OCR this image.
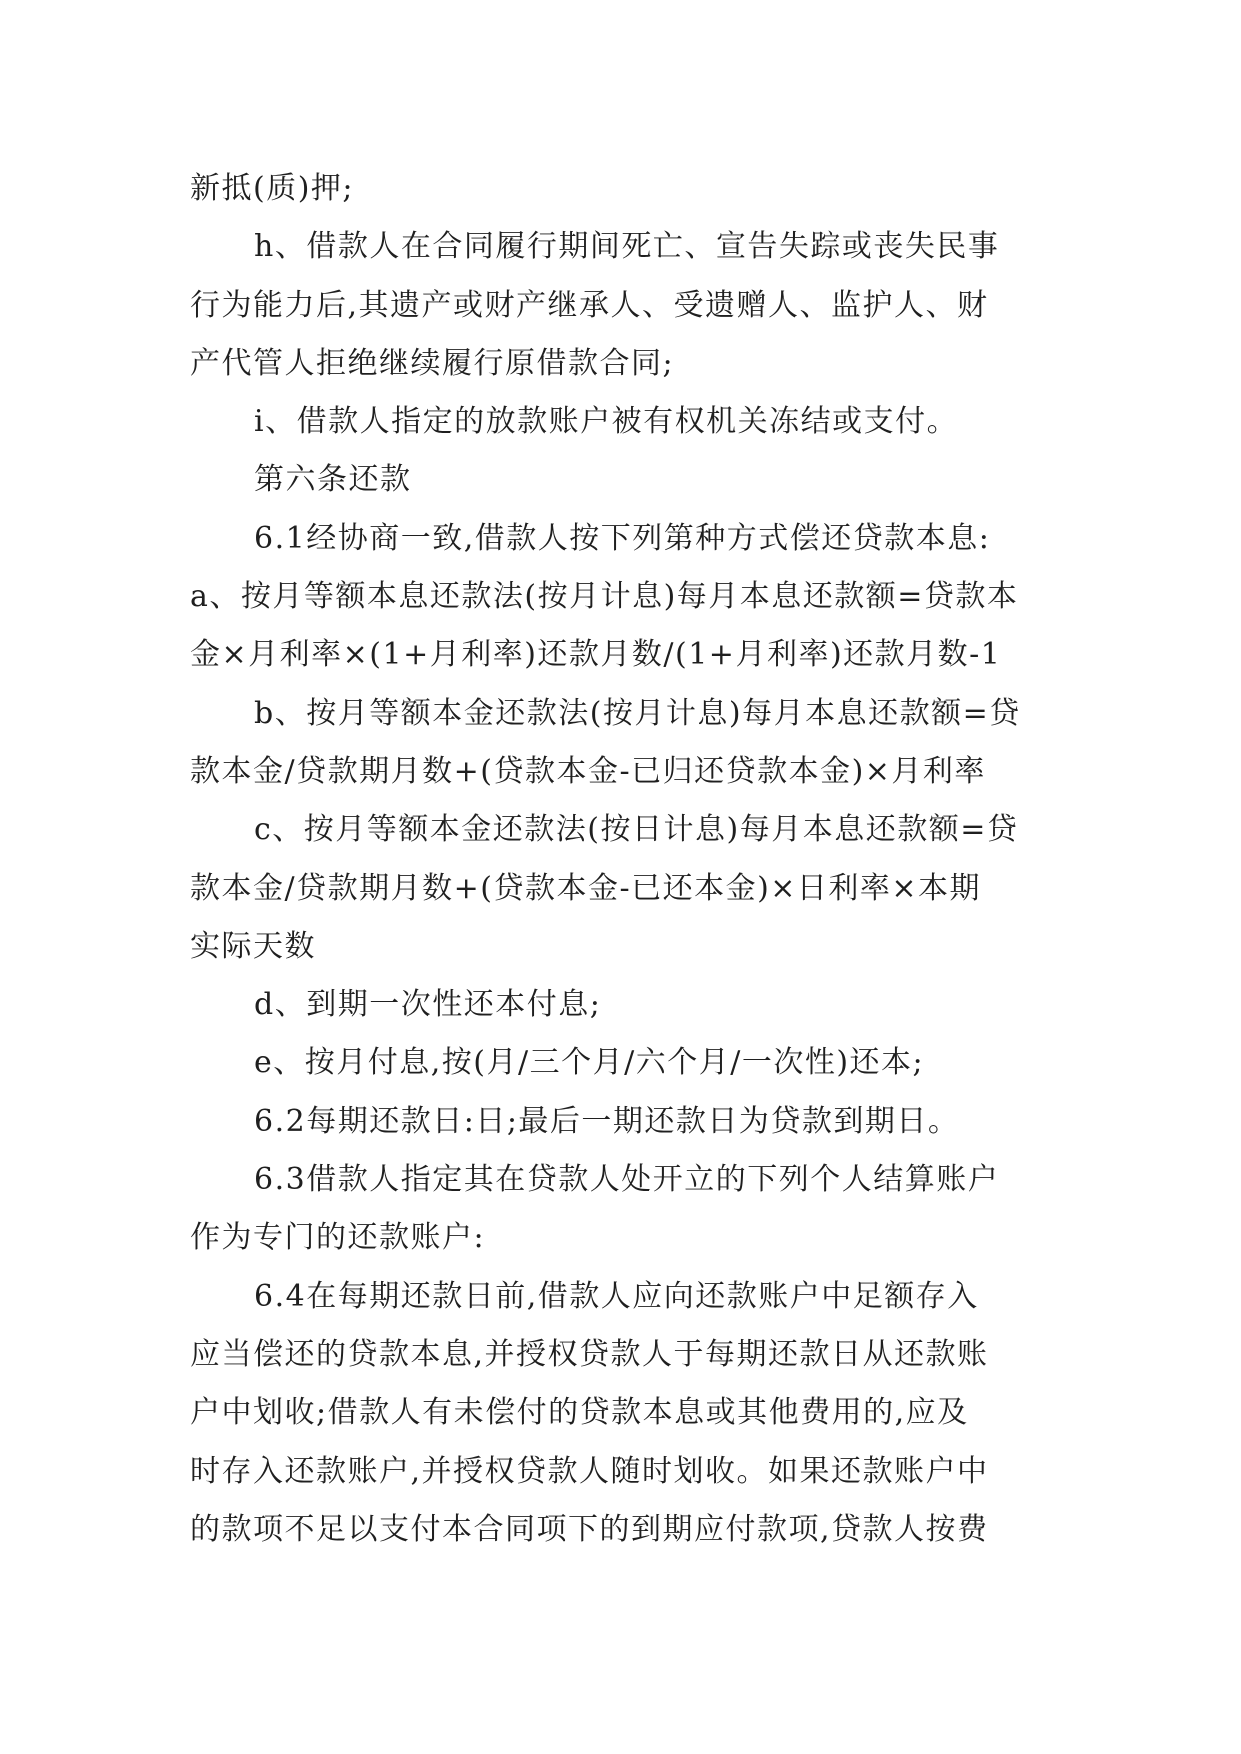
新抵(质)押;
h、借款人在合同履行期间死亡、宣告失踪或丧失民事
行为能力后,其遗产或财产继承人、受遗赠人、监护人、财
产代管人拒绝继续履行原借款合同;
i、借款人指定的放款账户被有权机关冻结或支付。
第六条还款
6.1经协商一致,借款人按下列第种方式偿还贷款本息:
a、按月等额本息还款法(按月计息)每月本息还款额=贷款本
金×月利率×(1+月利率)还款月数/(1+月利率)还款月数-1
b、按月等额本金还款法(按月计息)每月本息还款额=贷
款本金/贷款期月数+(贷款本金-已归还贷款本金)×月利率
c、按月等额本金还款法(按日计息)每月本息还款额=贷
款本金/贷款期月数+(贷款本金-已还本金)×日利率×本期
实际天数
d、到期一次性还本付息;
e、按月付息,按(月/三个月/六个月/一次性)还本;
6.2每期还款日:日;最后一期还款日为贷款到期日。
6.3借款人指定其在贷款人处开立的下列个人结算账户
作为专门的还款账户:
6.4在每期还款日前,借款人应向还款账户中足额存入
应当偿还的贷款本息,并授权贷款人于每期还款日从还款账
户中划收;借款人有未偿付的贷款本息或其他费用的,应及
时存入还款账户,并授权贷款人随时划收。如果还款账户中
的款项不足以支付本合同项下的到期应付款项,贷款人按费
